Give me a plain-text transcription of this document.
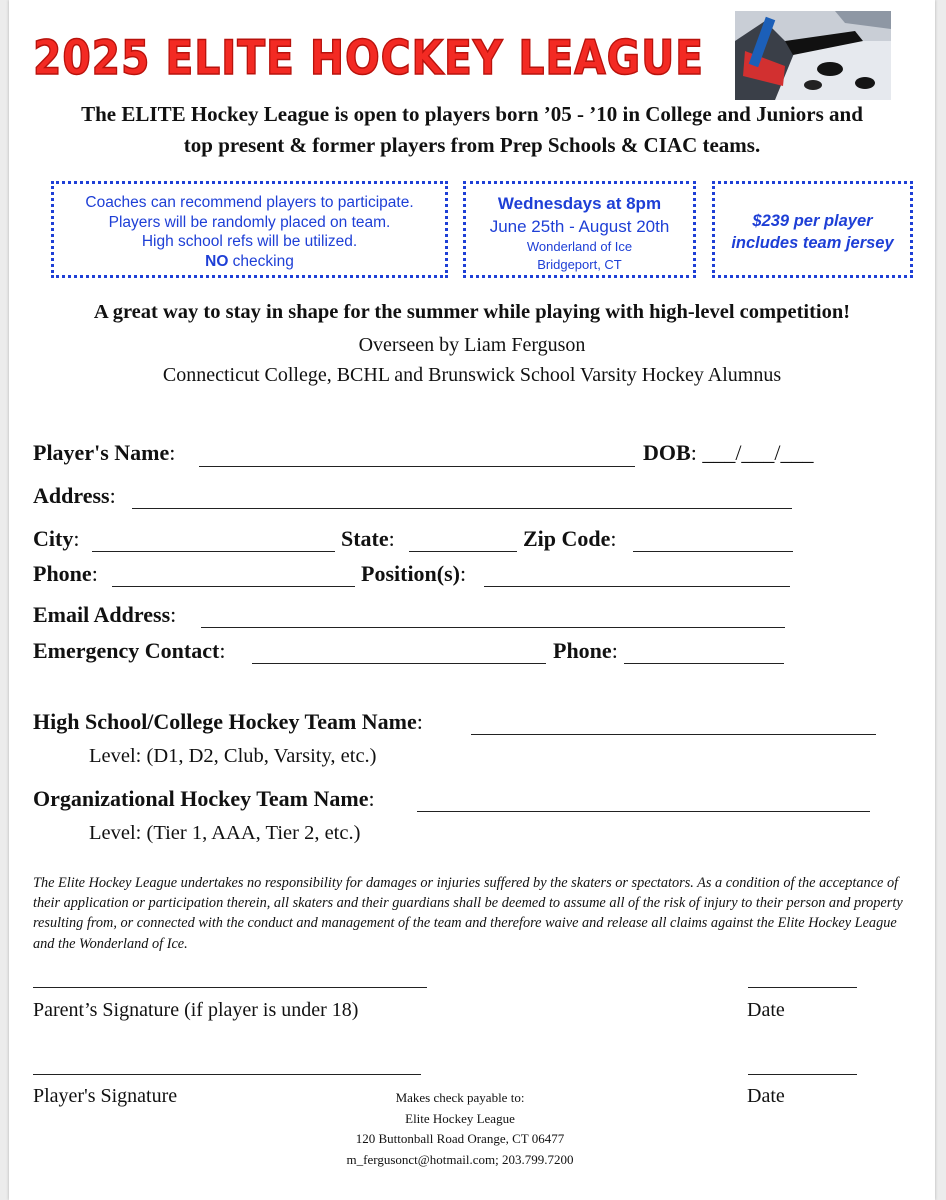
2025 ELITE HOCKEY LEAGUE
The ELITE Hockey League is open to players born ’05 - ’10 in College and Juniors and
top present & former players from Prep Schools & CIAC teams.
Coaches can recommend players to participate.
Players will be randomly placed on team.
High school refs will be utilized.
NO checking
Wednesdays at 8pm
June 25th - August 20th
Wonderland of Ice
Bridgeport, CT
$239 per player
includes team jersey
A great way to stay in shape for the summer while playing with high-level competition!
Overseen by Liam Ferguson
Connecticut College, BCHL and Brunswick School Varsity Hockey Alumnus
Player's Name:	DOB: ___/___/___
Address:
City:	State:	Zip Code:
Phone:	Position(s):
Email Address:
Emergency Contact:	Phone:
High School/College Hockey Team Name:
Level: (D1, D2, Club, Varsity, etc.)
Organizational Hockey Team Name:
Level: (Tier 1, AAA, Tier 2, etc.)
The Elite Hockey League undertakes no responsibility for damages or injuries suffered by the skaters or spectators. As a condition of the acceptance of their application or participation therein, all skaters and their guardians shall be deemed to assume all of the risk of injury to their person and property resulting from, or connected with the conduct and management of the team and therefore waive and release all claims against the Elite Hockey League and the Wonderland of Ice.
Parent’s Signature (if player is under 18)	Date
Player's Signature	Date
Makes check payable to:
Elite Hockey League
120 Buttonball Road Orange, CT 06477
m_fergusonct@hotmail.com; 203.799.7200
